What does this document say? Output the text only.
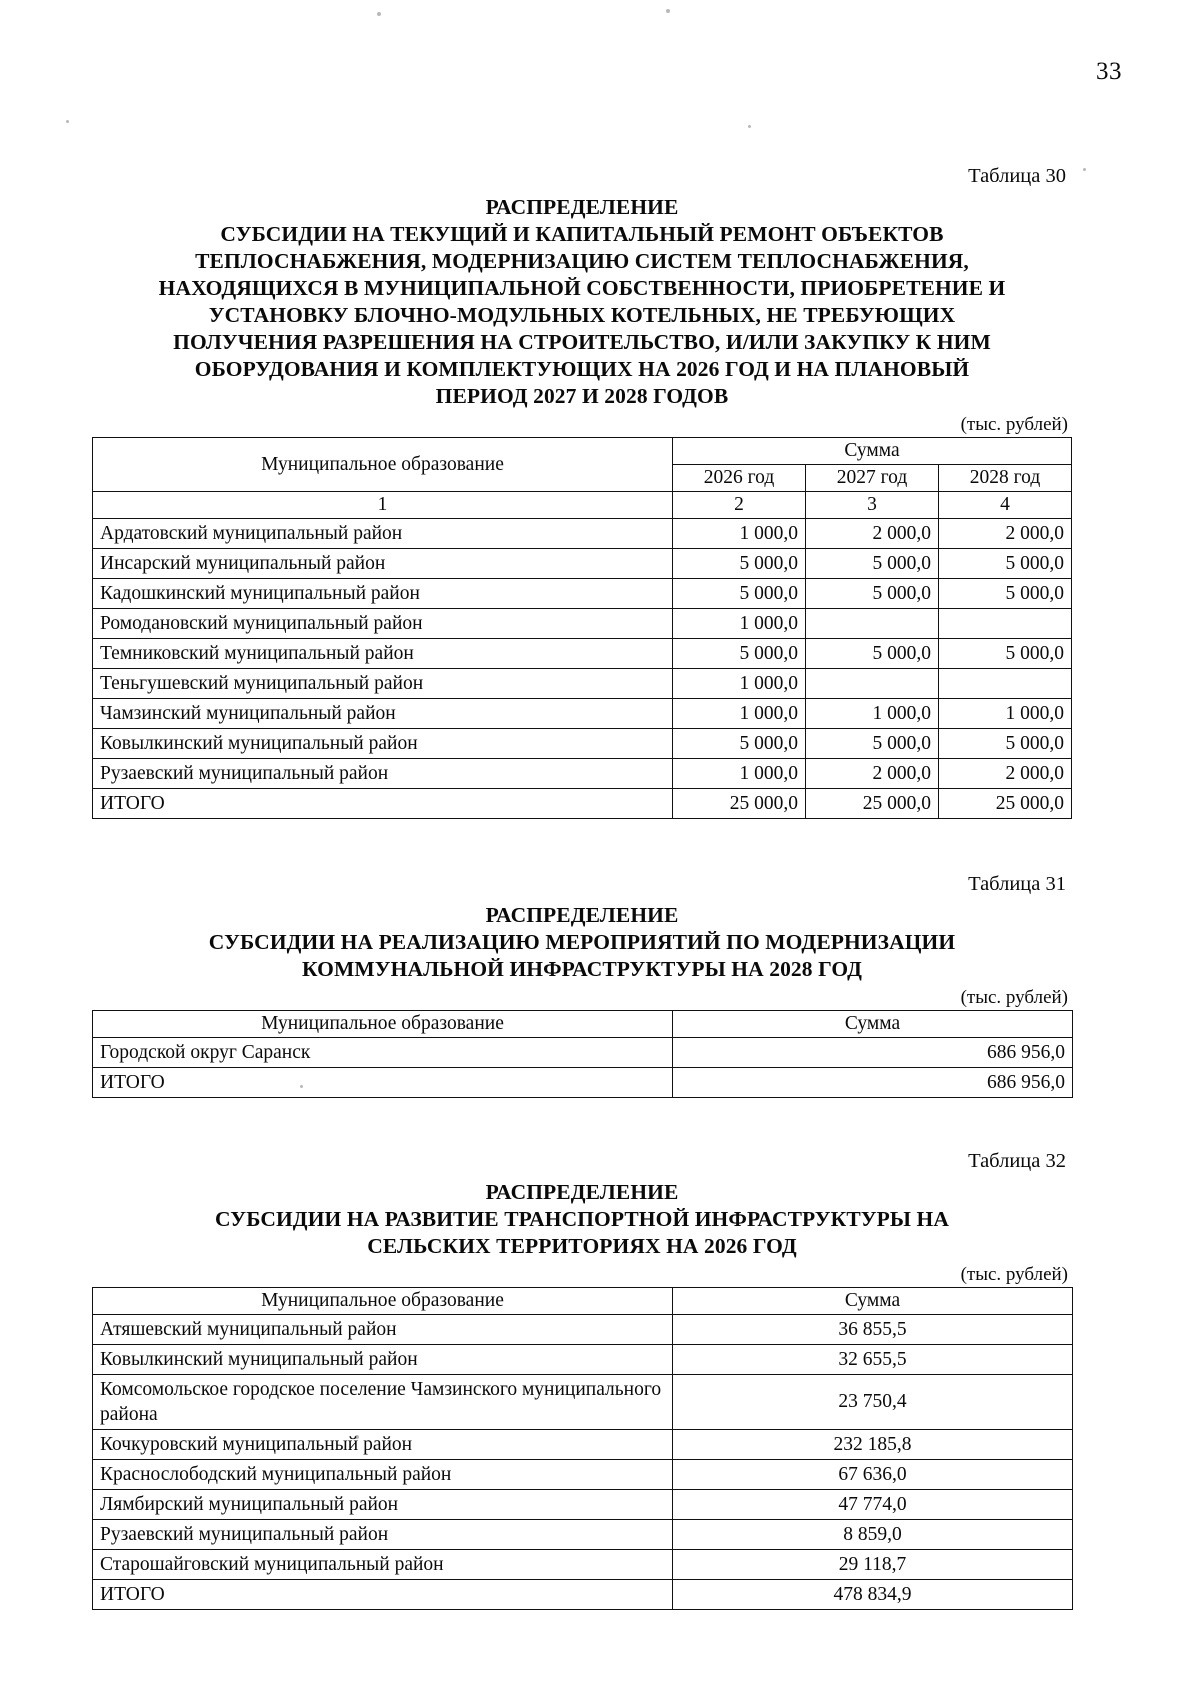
33
Таблица 30
РАСПРЕДЕЛЕНИЕ
СУБСИДИИ НА ТЕКУЩИЙ И КАПИТАЛЬНЫЙ РЕМОНТ ОБЪЕКТОВ
ТЕПЛОСНАБЖЕНИЯ, МОДЕРНИЗАЦИЮ СИСТЕМ ТЕПЛОСНАБЖЕНИЯ,
НАХОДЯЩИХСЯ В МУНИЦИПАЛЬНОЙ СОБСТВЕННОСТИ, ПРИОБРЕТЕНИЕ И
УСТАНОВКУ БЛОЧНО-МОДУЛЬНЫХ КОТЕЛЬНЫХ, НЕ ТРЕБУЮЩИХ
ПОЛУЧЕНИЯ РАЗРЕШЕНИЯ НА СТРОИТЕЛЬСТВО, И/ИЛИ ЗАКУПКУ К НИМ
ОБОРУДОВАНИЯ И КОМПЛЕКТУЮЩИХ НА 2026 ГОД И НА ПЛАНОВЫЙ
ПЕРИОД 2027 И 2028 ГОДОВ
(тыс. рублей)
Муниципальное образование	Сумма		
	2026 год	2027 год	2028 год
1	2	3	4
Ардатовский муниципальный район	1 000,0	2 000,0	2 000,0
Инсарский муниципальный район	5 000,0	5 000,0	5 000,0
Кадошкинский муниципальный район	5 000,0	5 000,0	5 000,0
Ромодановский муниципальный район	1 000,0		
Темниковский муниципальный район	5 000,0	5 000,0	5 000,0
Теньгушевский муниципальный район	1 000,0		
Чамзинский муниципальный район	1 000,0	1 000,0	1 000,0
Ковылкинский муниципальный район	5 000,0	5 000,0	5 000,0
Рузаевский муниципальный район	1 000,0	2 000,0	2 000,0
ИТОГО	25 000,0	25 000,0	25 000,0
Таблица 31
РАСПРЕДЕЛЕНИЕ
СУБСИДИИ НА РЕАЛИЗАЦИЮ МЕРОПРИЯТИЙ ПО МОДЕРНИЗАЦИИ
КОММУНАЛЬНОЙ ИНФРАСТРУКТУРЫ НА 2028 ГОД
(тыс. рублей)
Муниципальное образование	Сумма
Городской округ Саранск	686 956,0
ИТОГО	686 956,0
Таблица 32
РАСПРЕДЕЛЕНИЕ
СУБСИДИИ НА РАЗВИТИЕ ТРАНСПОРТНОЙ ИНФРАСТРУКТУРЫ НА
СЕЛЬСКИХ ТЕРРИТОРИЯХ НА 2026 ГОД
(тыс. рублей)
Муниципальное образование	Сумма
Атяшевский муниципальный район	36 855,5
Ковылкинский муниципальный район	32 655,5
Комсомольское городское поселение Чамзинского муниципального района	23 750,4
Кочкуровский муниципальный район	232 185,8
Краснослободский муниципальный район	67 636,0
Лямбирский муниципальный район	47 774,0
Рузаевский муниципальный район	8 859,0
Старошайговский муниципальный район	29 118,7
ИТОГО	478 834,9
